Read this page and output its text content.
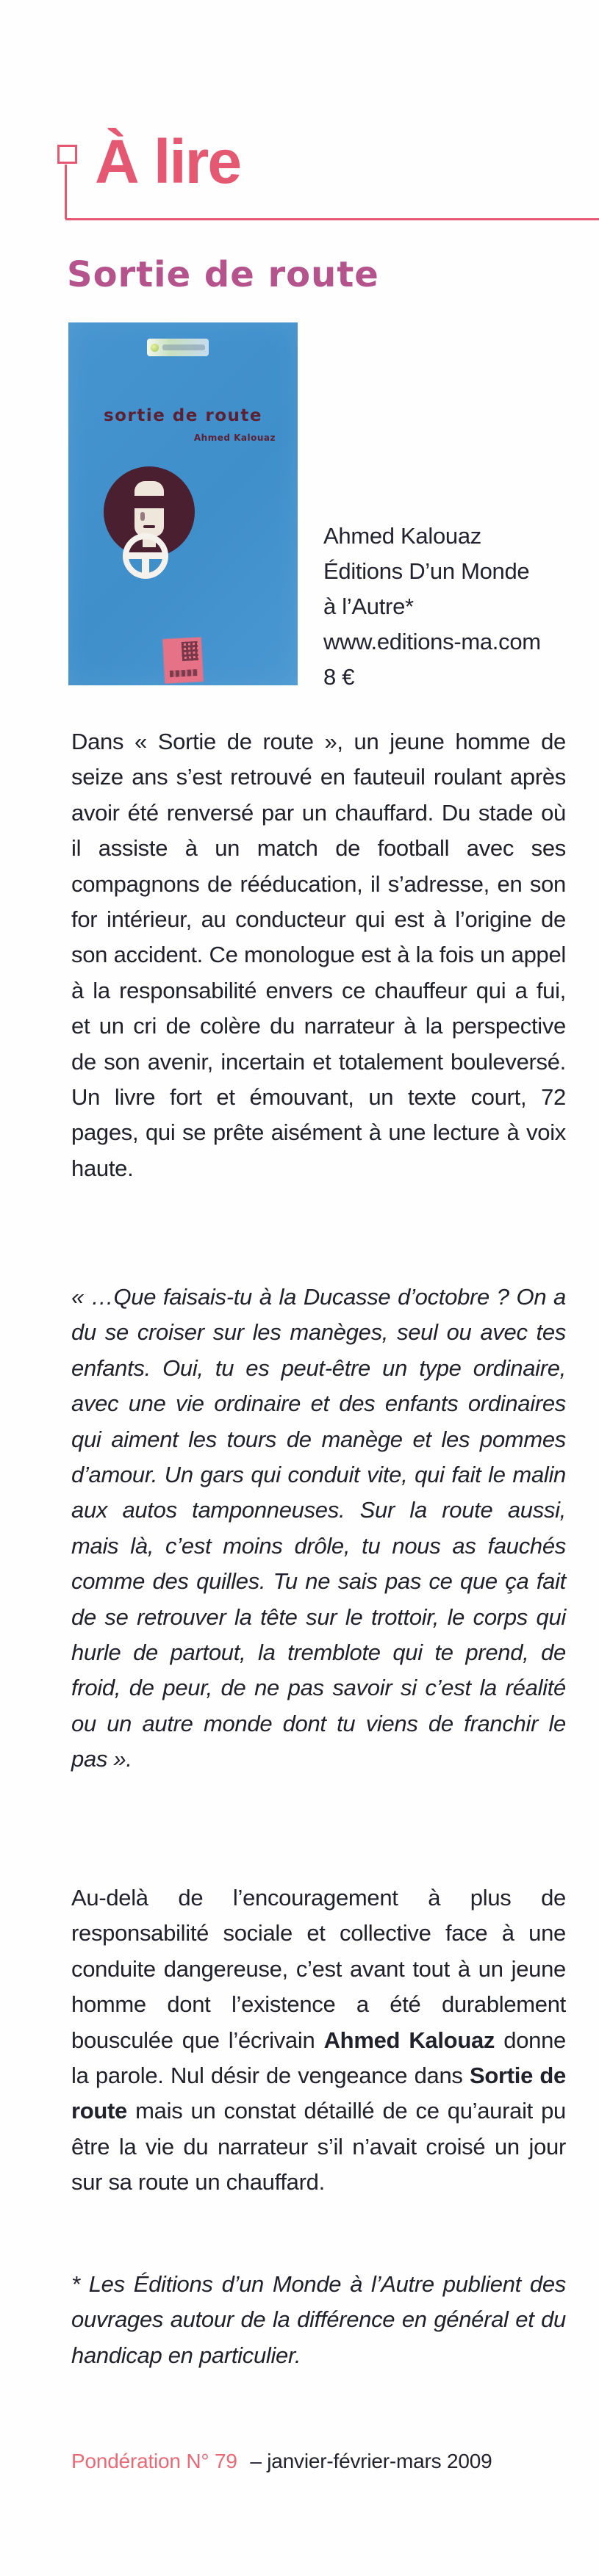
À lire
Sortie de route
sortie de route
Ahmed Kalouaz
Ahmed Kalouaz
Éditions D’un Monde
à l’Autre*
www.editions-ma.com
8 €
Dans « Sortie de route », un jeune homme de seize ans s’est retrouvé en fauteuil roulant après avoir été renversé par un chauffard. Du stade où il assiste à un match de football avec ses compagnons de rééducation, il s’adresse, en son for intérieur, au conducteur qui est à l’origine de son accident. Ce monologue est à la fois un appel à la responsabilité envers ce chauffeur qui a fui, et un cri de colère du narrateur à la perspective de son avenir, incertain et totalement bouleversé. Un livre fort et émouvant, un texte court, 72 pages, qui se prête aisément à une lecture à voix haute.
« …Que faisais-tu à la Ducasse d’octobre ? On a du se croiser sur les manèges, seul ou avec tes enfants. Oui, tu es peut-être un type ordinaire, avec une vie ordinaire et des enfants ordinaires qui aiment les tours de manège et les pommes d’amour. Un gars qui conduit vite, qui fait le malin aux autos tamponneuses. Sur la route aussi, mais là, c’est moins drôle, tu nous as fauchés comme des quilles. Tu ne sais pas ce que ça fait de se retrouver la tête sur le trottoir, le corps qui hurle de partout, la tremblote qui te prend, de froid, de peur, de ne pas savoir si c’est la réalité ou un autre monde dont tu viens de franchir le pas ».
Au-delà de l’encouragement à plus de responsabilité sociale et collective face à une conduite dangereuse, c’est avant tout à un jeune homme dont l’existence a été durablement bousculée que l’écrivain Ahmed Kalouaz donne la parole. Nul désir de vengeance dans Sortie de route mais un constat détaillé de ce qu’aurait pu être la vie du narrateur s’il n’avait croisé un jour sur sa route un chauffard.
* Les Éditions d’un Monde à l’Autre publient des ouvrages autour de la différence en général et du handicap en particulier.
Pondération N° 79 – janvier-février-mars 2009
